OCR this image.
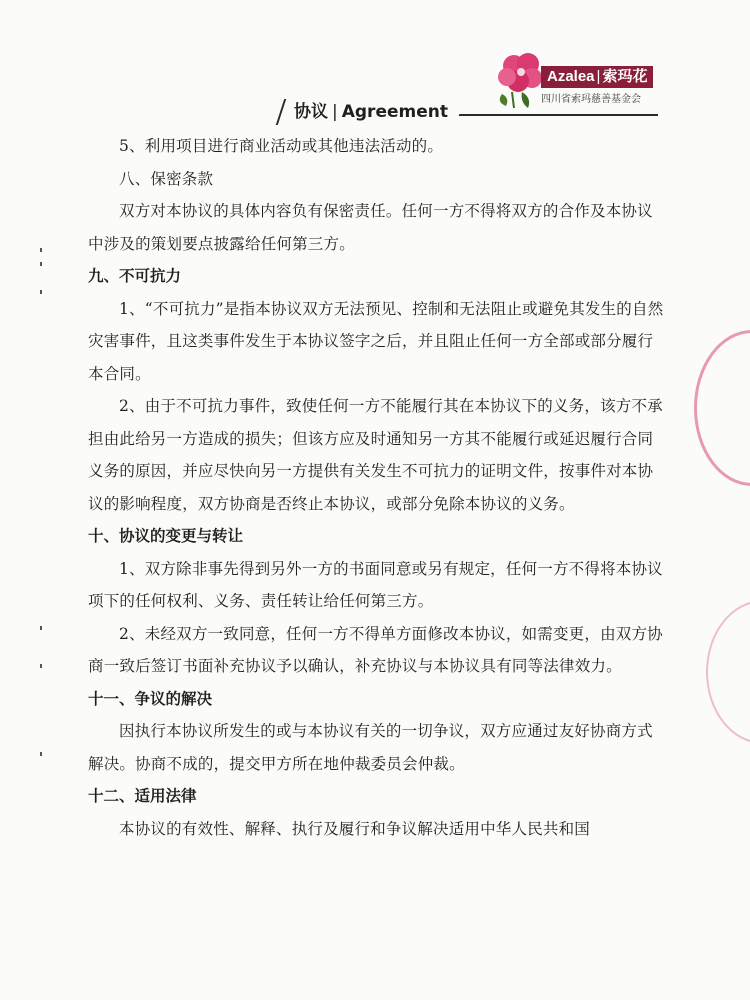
Azalea | 索玛花
四川省索玛慈善基金会
协议 | Agreement

5、利用项目进行商业活动或其他违法活动的。

八、保密条款

双方对本协议的具体内容负有保密责任。任何一方不得将双方的合作及本协议中涉及的策划要点披露给任何第三方。

九、不可抗力

1、“不可抗力”是指本协议双方无法预见、控制和无法阻止或避免其发生的自然灾害事件，且这类事件发生于本协议签字之后，并且阻止任何一方全部或部分履行本合同。

2、由于不可抗力事件，致使任何一方不能履行其在本协议下的义务，该方不承担由此给另一方造成的损失；但该方应及时通知另一方其不能履行或延迟履行合同义务的原因，并应尽快向另一方提供有关发生不可抗力的证明文件，按事件对本协议的影响程度，双方协商是否终止本协议，或部分免除本协议的义务。

十、协议的变更与转让

1、双方除非事先得到另外一方的书面同意或另有规定，任何一方不得将本协议项下的任何权利、义务、责任转让给任何第三方。

2、未经双方一致同意，任何一方不得单方面修改本协议，如需变更，由双方协商一致后签订书面补充协议予以确认，补充协议与本协议具有同等法律效力。

十一、争议的解决

因执行本协议所发生的或与本协议有关的一切争议，双方应通过友好协商方式解决。协商不成的，提交甲方所在地仲裁委员会仲裁。

十二、适用法律

本协议的有效性、解释、执行及履行和争议解决适用中华人民共和国
